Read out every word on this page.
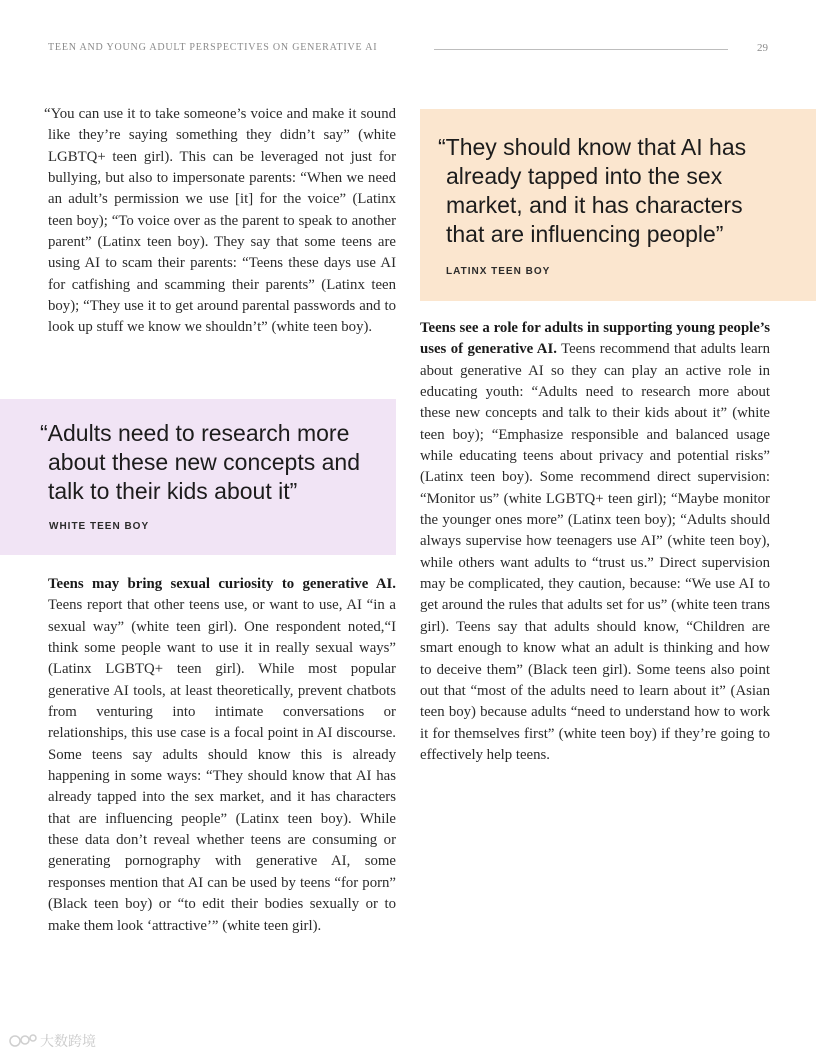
TEEN AND YOUNG ADULT PERSPECTIVES ON GENERATIVE AI	29

“You can use it to take someone’s voice and make it sound like they’re saying something they didn’t say” (white LGBTQ+ teen girl). This can be leveraged not just for bullying, but also to impersonate parents: “When we need an adult’s permission we use [it] for the voice” (Latinx teen boy); “To voice over as the parent to speak to another parent” (Latinx teen boy). They say that some teens are using AI to scam their parents: “Teens these days use AI for catfishing and scamming their parents” (Latinx teen boy); “They use it to get around parental passwords and to look up stuff we know we shouldn’t” (white teen boy).

“They should know that AI has already tapped into the sex market, and it has characters that are influencing people”

LATINX TEEN BOY

“Adults need to research more about these new concepts and talk to their kids about it”

WHITE TEEN BOY

Teens may bring sexual curiosity to generative AI. Teens report that other teens use, or want to use, AI “in a sexual way” (white teen girl). One respondent noted,“I think some people want to use it in really sexual ways” (Latinx LGBTQ+ teen girl). While most popular generative AI tools, at least theoretically, prevent chatbots from venturing into intimate conversations or relationships, this use case is a focal point in AI discourse. Some teens say adults should know this is already happening in some ways: “They should know that AI has already tapped into the sex market, and it has characters that are influencing people” (Latinx teen boy). While these data don’t reveal whether teens are consuming or generating pornography with generative AI, some responses mention that AI can be used by teens “for porn” (Black teen boy) or “to edit their bodies sexually or to make them look ‘attractive’” (white teen girl).

Teens see a role for adults in supporting young people’s uses of generative AI. Teens recommend that adults learn about generative AI so they can play an active role in educating youth: “Adults need to research more about these new concepts and talk to their kids about it” (white teen boy); “Emphasize responsible and balanced usage while educating teens about privacy and potential risks” (Latinx teen boy). Some recommend direct supervision: “Monitor us” (white LGBTQ+ teen girl); “Maybe monitor the younger ones more” (Latinx teen boy); “Adults should always supervise how teenagers use AI” (white teen boy), while others want adults to “trust us.” Direct supervision may be complicated, they caution, because: “We use AI to get around the rules that adults set for us” (white teen trans girl). Teens say that adults should know, “Children are smart enough to know what an adult is thinking and how to deceive them” (Black teen girl). Some teens also point out that “most of the adults need to learn about it” (Asian teen boy) because adults “need to understand how to work it for themselves first” (white teen boy) if they’re going to effectively help teens.

大数跨境
